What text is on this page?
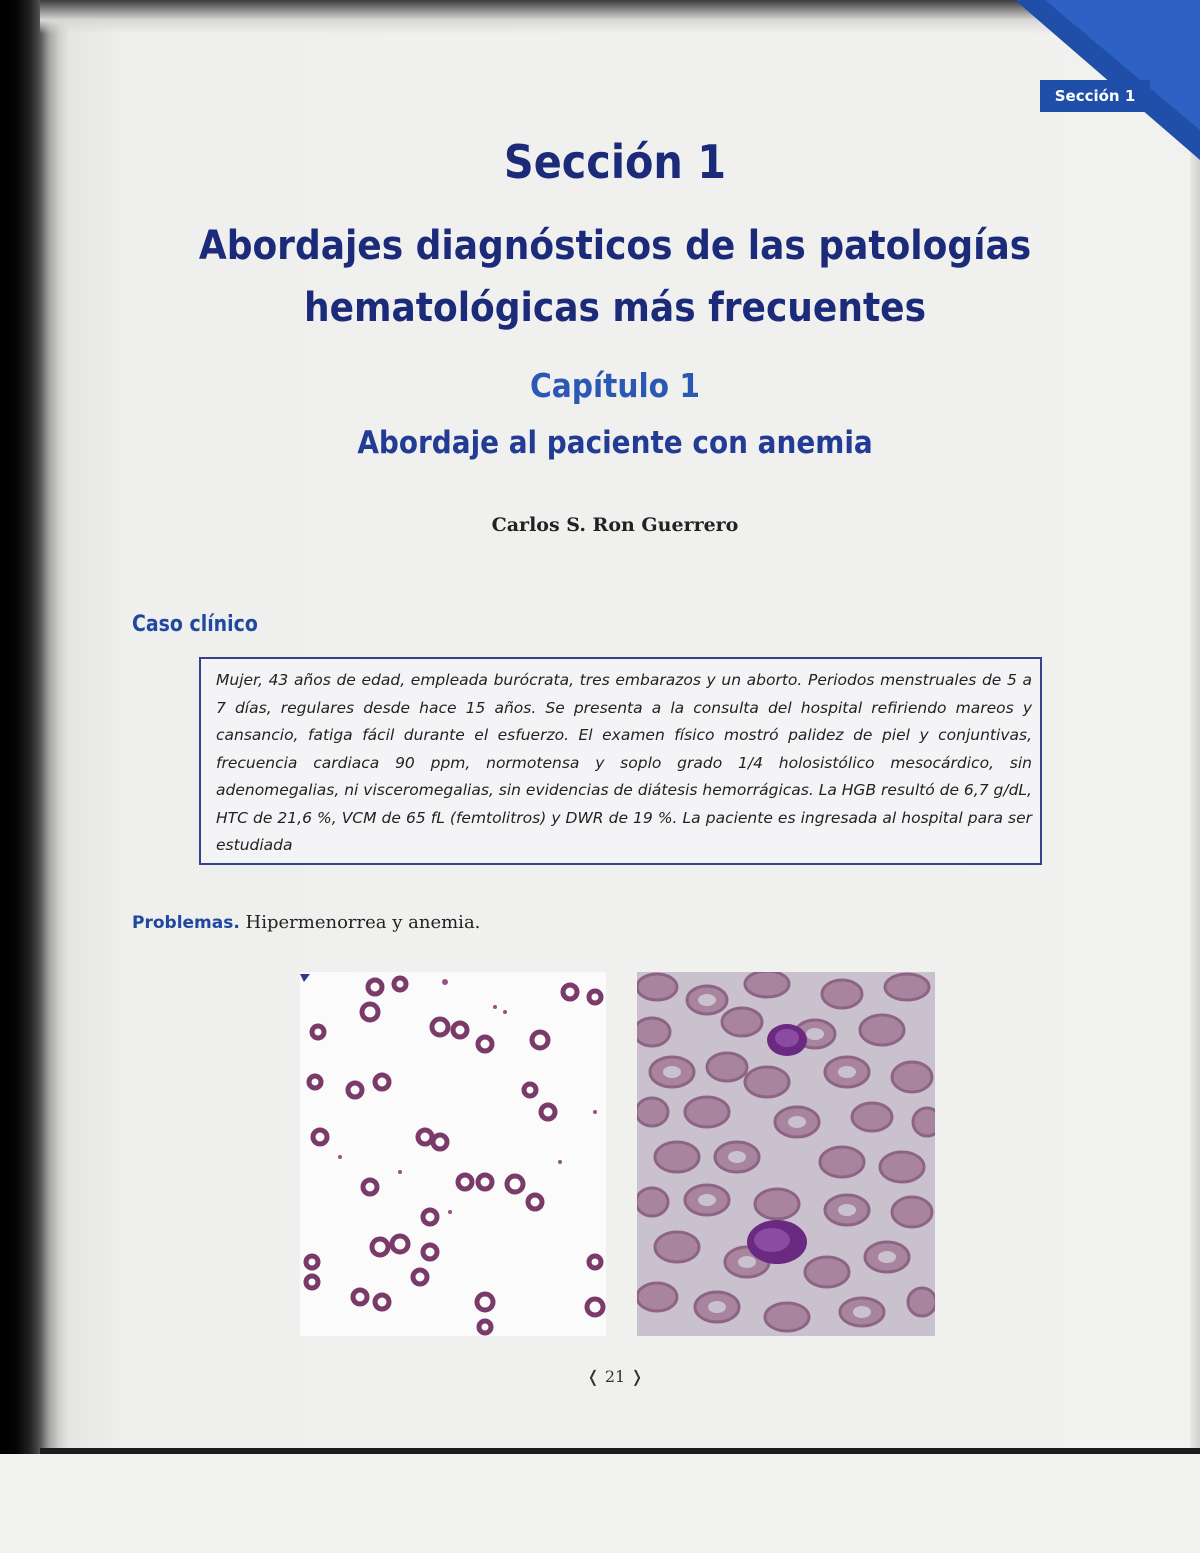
Sección 1
Sección 1
Abordajes diagnósticos de las patologías
hematológicas más frecuentes
Capítulo 1
Abordaje al paciente con anemia
Carlos S. Ron Guerrero
Caso clínico
Mujer, 43 años de edad, empleada burócrata, tres embarazos y un aborto. Periodos menstruales de 5 a 7 días, regulares desde hace 15 años. Se presenta a la consulta del hospital refiriendo mareos y cansancio, fatiga fácil durante el esfuerzo. El examen físico mostró palidez de piel y conjuntivas, frecuencia cardiaca 90 ppm, normotensa y soplo grado 1/4 holosistólico mesocárdico, sin adenomegalias, ni visceromegalias, sin evidencias de diátesis hemorrágicas. La HGB resultó de 6,7 g/dL, HTC de 21,6 %, VCM de 65 fL (femtolitros) y DWR de 19 %. La paciente es ingresada al hospital para ser estudiada
Problemas. Hipermenorrea y anemia.
❬ 21 ❭
